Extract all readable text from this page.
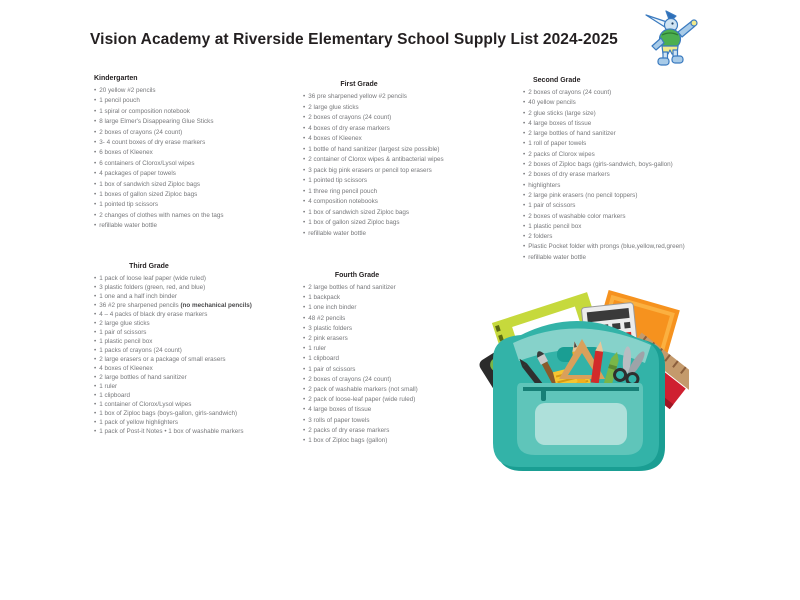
Vision Academy at Riverside Elementary School Supply List 2024-2025
Kindergarten
• 20 yellow #2 pencils
• 1 pencil pouch
• 1 spiral or composition notebook
• 8 large Elmer's Disappearing Glue Sticks
• 2 boxes of crayons (24 count)
• 3- 4 count boxes of dry erase markers
• 6 boxes of Kleenex
• 6 containers of Clorox/Lysol wipes
• 4 packages of paper towels
• 1 box of sandwich sized Ziploc bags
• 1 boxes of gallon sized Ziploc bags
• 1 pointed tip scissors
• 2 changes of clothes with names on the tags
• refillable water bottle
First Grade
• 36 pre sharpened yellow #2 pencils
• 2 large glue sticks
• 2 boxes of crayons (24 count)
• 4 boxes of dry erase markers
• 4 boxes of Kleenex
• 1 bottle of hand sanitizer (largest size possible)
• 2 container of Clorox wipes & antibacterial wipes
• 3 pack big pink erasers or pencil top erasers
• 1 pointed tip scissors
• 1 three ring pencil pouch
• 4 composition notebooks
• 1 box of sandwich sized Ziploc bags
• 1 box of gallon sized Ziploc bags
• refillable water bottle
Second Grade
• 2 boxes of crayons (24 count)
• 40 yellow pencils
• 2 glue sticks (large size)
• 4 large boxes of tissue
• 2 large bottles of hand sanitizer
• 1 roll of paper towels
• 2 packs of Clorox wipes
• 2 boxes of Ziploc bags (girls-sandwich, boys-gallon)
• 2 boxes of dry erase markers
• highlighters
• 2 large pink erasers (no pencil toppers)
• 1 pair of scissors
• 2 boxes of washable color markers
• 1 plastic pencil box
• 2 folders
• Plastic Pocket folder with prongs (blue,yellow,red,green)
• refillable water bottle
Third Grade
• 1 pack of loose leaf paper (wide ruled)
• 3 plastic folders (green, red, and blue)
• 1 one and a half inch binder
• 36 #2 pre sharpened pencils (no mechanical pencils)
• 4 – 4 packs of black dry erase markers
• 2 large glue sticks
• 1 pair of scissors
• 1 plastic pencil box
• 1 packs of crayons (24 count)
• 2 large erasers or a package of small erasers
• 4 boxes of Kleenex
• 2 large bottles of hand sanitizer
• 1 ruler
• 1 clipboard
• 1 container of Clorox/Lysol wipes
• 1 box of Ziploc bags (boys-gallon, girls-sandwich)
• 1 pack of yellow highlighters
• 1 pack of Post-it Notes • 1 box of washable markers
Fourth Grade
• 2 large bottles of hand sanitizer
• 1 backpack
• 1 one inch binder
• 48 #2 pencils
• 3 plastic folders
• 2 pink erasers
• 1 ruler
• 1 clipboard
• 1 pair of scissors
• 2 boxes of crayons (24 count)
• 2 pack of washable markers (not small)
• 2 pack of loose-leaf paper (wide ruled)
• 4 large boxes of tissue
• 3 rolls of paper towels
• 2 packs of dry erase markers
• 1 box of Ziploc bags (gallon)
